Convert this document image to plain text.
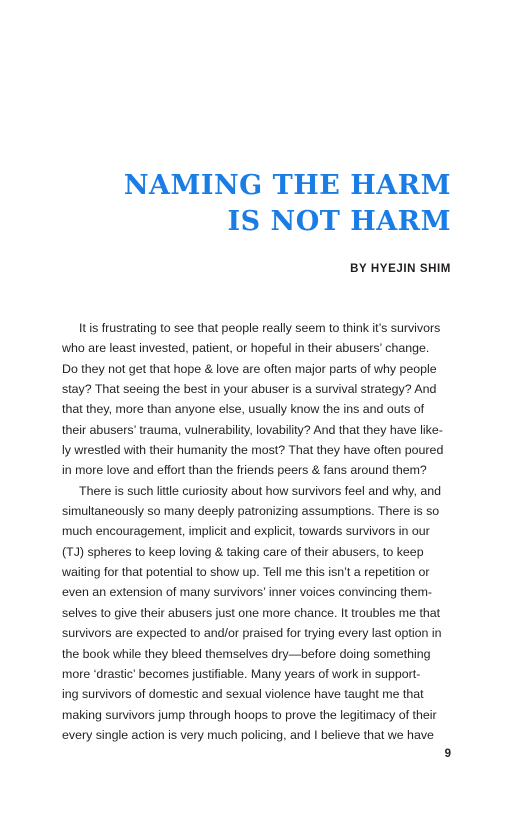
NAMING THE HARM
IS NOT HARM
BY HYEJIN SHIM
It is frustrating to see that people really seem to think it’s survivors
who are least invested, patient, or hopeful in their abusers’ change.
Do they not get that hope & love are often major parts of why people
stay? That seeing the best in your abuser is a survival strategy? And
that they, more than anyone else, usually know the ins and outs of
their abusers’ trauma, vulnerability, lovability? And that they have like-
ly wrestled with their humanity the most? That they have often poured
in more love and effort than the friends peers & fans around them?
There is such little curiosity about how survivors feel and why, and
simultaneously so many deeply patronizing assumptions. There is so
much encouragement, implicit and explicit, towards survivors in our
(TJ) spheres to keep loving & taking care of their abusers, to keep
waiting for that potential to show up. Tell me this isn’t a repetition or
even an extension of many survivors’ inner voices convincing them-
selves to give their abusers just one more chance. It troubles me that
survivors are expected to and/or praised for trying every last option in
the book while they bleed themselves dry—before doing something
more ‘drastic’ becomes justifiable. Many years of work in support-
ing survivors of domestic and sexual violence have taught me that
making survivors jump through hoops to prove the legitimacy of their
every single action is very much policing, and I believe that we have
9
